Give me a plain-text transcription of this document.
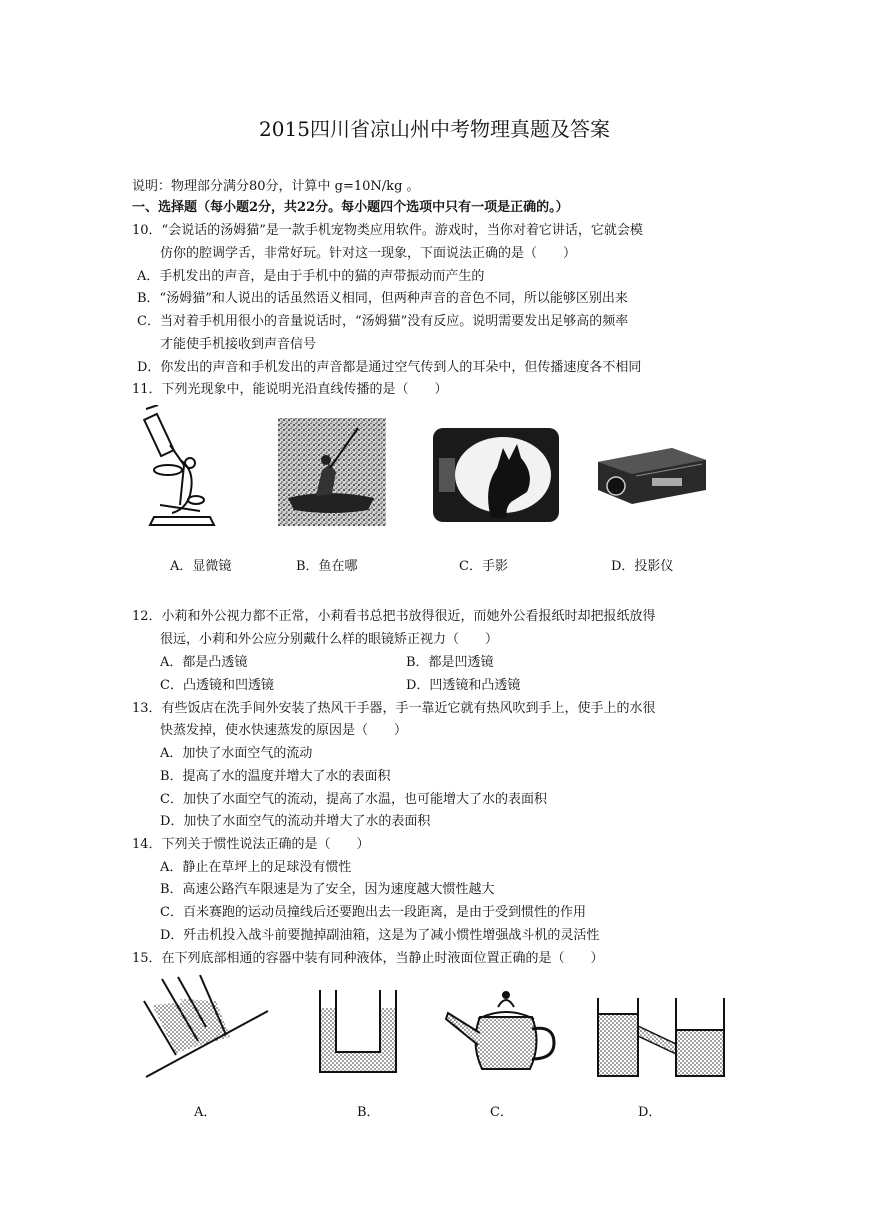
2015四川省凉山州中考物理真题及答案
说明：物理部分满分80分，计算中 g=10N/kg 。
一、选择题（每小题2分，共22分。每小题四个选项中只有一项是正确的。）
10．“会说话的汤姆猫”是一款手机宠物类应用软件。游戏时，当你对着它讲话，它就会模
仿你的腔调学舌，非常好玩。针对这一现象，下面说法正确的是（　　）
A．手机发出的声音，是由于手机中的猫的声带振动而产生的
B．“汤姆猫”和人说出的话虽然语义相同，但两种声音的音色不同，所以能够区别出来
C．当对着手机用很小的音量说话时，“汤姆猫”没有反应。说明需要发出足够高的频率
才能使手机接收到声音信号
D．你发出的声音和手机发出的声音都是通过空气传到人的耳朵中，但传播速度各不相同
11．下列光现象中，能说明光沿直线传播的是（　　）
A．显微镜	B．鱼在哪	C．手影	D．投影仪
12．小莉和外公视力都不正常，小莉看书总把书放得很近，而她外公看报纸时却把报纸放得
很远，小莉和外公应分别戴什么样的眼镜矫正视力（　　）
A．都是凸透镜	B．都是凹透镜
C．凸透镜和凹透镜	D．凹透镜和凸透镜
13．有些饭店在洗手间外安装了热风干手器，手一靠近它就有热风吹到手上，使手上的水很
快蒸发掉，使水快速蒸发的原因是（　　）
A．加快了水面空气的流动
B．提高了水的温度并增大了水的表面积
C．加快了水面空气的流动，提高了水温，也可能增大了水的表面积
D．加快了水面空气的流动并增大了水的表面积
14．下列关于惯性说法正确的是（　　）
A．静止在草坪上的足球没有惯性
B．高速公路汽车限速是为了安全，因为速度越大惯性越大
C．百米赛跑的运动员撞线后还要跑出去一段距离，是由于受到惯性的作用
D．歼击机投入战斗前要抛掉副油箱，这是为了减小惯性增强战斗机的灵活性
15．在下列底部相通的容器中装有同种液体，当静止时液面位置正确的是（　　）
A．	B．	C．	D．
